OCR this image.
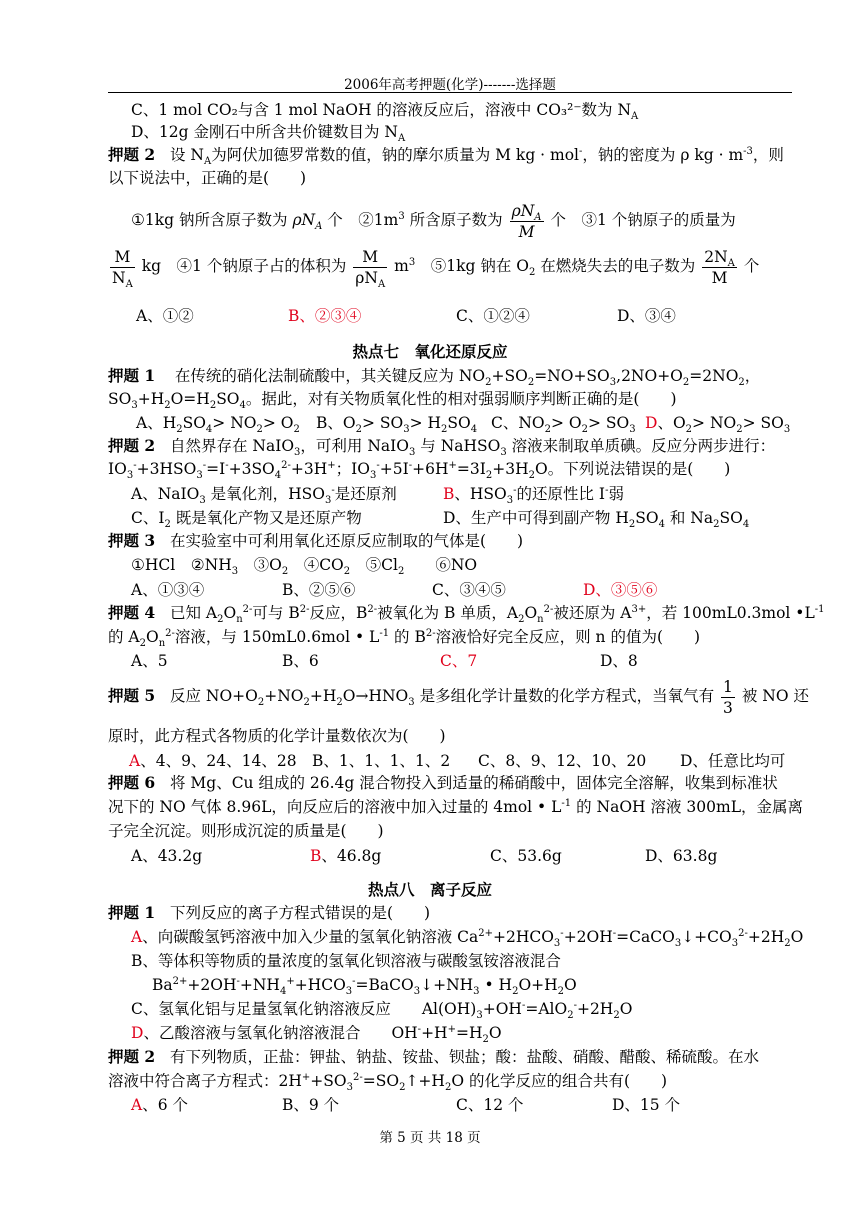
2006年高考押题(化学)-------选择题
C、1 mol CO₂与含 1 mol NaOH 的溶液反应后，溶液中 CO₃²⁻数为 $N_A$
D、12g 金刚石中所含共价键数目为 $N_A$
押题 2 设 $N_A$为阿伏加德罗常数的值，钠的摩尔质量为 M kg · mol-，钠的密度为 ρ kg · $m^{-3}$，则
以下说法中，正确的是(　　)
①1kg 钠所含原子数为 $\rho N_A$ 个　$②1m^3$ 所含原子数为 $\frac{\rho N_A}{M}$ 个　③1 个钠原子的质量为
$\frac{M}{N_A}$ kg　④1 个钠原子占的体积为 $\frac{M}{\rho N_A} m^3$　⑤1kg 钠在 $O_2$ 在燃烧失去的电子数为 $\frac{2N_A}{M}$ 个
A、①②	B、②③④	C、①②④	D、③④
热点七　氧化还原反应
押题 1 在传统的硝化法制硫酸中，其关键反应为 $NO_2+SO_2=NO+SO_3,2NO+O_2=2NO_2$，
$SO_3+H_2O=H_2SO_4$。据此，对有关物质氧化性的相对强弱顺序判断正确的是(　　)
A、$H_2SO_4> NO_2> O_2$ B、$O_2> SO_3> H_2SO_4$ C、$NO_2> O_2> SO_3$ D、$O_2> NO_2> SO_3$
押题 2 自然界存在 NaIO$_3$，可利用 NaIO$_3$ 与 NaHSO$_3$ 溶液来制取单质碘。反应分两步进行：
$IO_3^-+3HSO_3^-=I^-+3SO_4^{2-}+3H^+$；$IO_3^-+5I^-+6H^+=3I_2+3H_2O$。下列说法错误的是(　　)
A、NaIO$_3$ 是氧化剂，$HSO_3^-$是还原剂	B、$HSO_3^-$的还原性比 I-弱
C、$I_2$ 既是氧化产物又是还原产物	D、生产中可得到副产物 $H_2SO_4$ 和 $Na_2SO_4$
押题 3 在实验室中可利用氧化还原反应制取的气体是(　　)
①HCl　$②NH_3$　$③O_2$　$④CO_2$　$⑤Cl_2$　　⑥NO
A、①③④	B、②⑤⑥	C、③④⑤	D、③⑤⑥
押题 4 已知 $A_2O_n^{2-}$可与 $B^{2-}$反应，$B^{2-}$被氧化为 B 单质，$A_2O_n^{2-}$被还原为 $A^{3+}$，若 100mL0.3mol $•L^{-1}$
的 $A_2O_n^{2-}$溶液，与 150mL0.6mol • $L^{-1}$ 的 $B^{2-}$溶液恰好完全反应，则 n 的值为(　　)
A、5	B、6	C、7	D、8
押题 5 反应 $NO+O_2+NO_2+H_2O\to HNO_3$ 是多组化学计量数的化学方程式，当氧气有 $\frac{1}{3}$ 被 NO 还
原时，此方程式各物质的化学计量数依次为(　　)
A、4、9、24、14、28 B、1、1、1、1、2 C、8、9、12、10、20 D、任意比均可
押题 6 将 Mg、Cu 组成的 26.4g 混合物投入到适量的稀硝酸中，固体完全溶解，收集到标准状
况下的 NO 气体 8.96L，向反应后的溶液中加入过量的 4mol • $L^{-1}$ 的 NaOH 溶液 300mL，金属离
子完全沉淀。则形成沉淀的质量是(　　)
A、43.2g	B、46.8g	C、53.6g	D、63.8g
热点八　离子反应
押题 1 下列反应的离子方程式错误的是(　　)
A、向碳酸氢钙溶液中加入少量的氢氧化钠溶液 $Ca^{2+}+2HCO_3^-+2OH^-=CaCO_3↓+CO_3^{2-}+2H_2O$
B、等体积等物质的量浓度的氢氧化钡溶液与碳酸氢铵溶液混合
$Ba^{2+}+2OH^-+NH_4^++HCO_3^-=BaCO_3↓+NH_3$ • $H_2O+H_2O$
C、氢氧化铝与足量氢氧化钠溶液反应　　$Al(OH)_3+OH^-=AlO_2^-+2H_2O$
D、乙酸溶液与氢氧化钠溶液混合　　$OH^-+H^+=H_2O$
押题 2 有下列物质，正盐：钾盐、钠盐、铵盐、钡盐；酸：盐酸、硝酸、醋酸、稀硫酸。在水
溶液中符合离子方程式：$2H^++SO_3^{2-}=SO_2↑+H_2O$ 的化学反应的组合共有(　　)
A、6 个	B、9 个	C、12 个	D、15 个
第 5 页 共 18 页
